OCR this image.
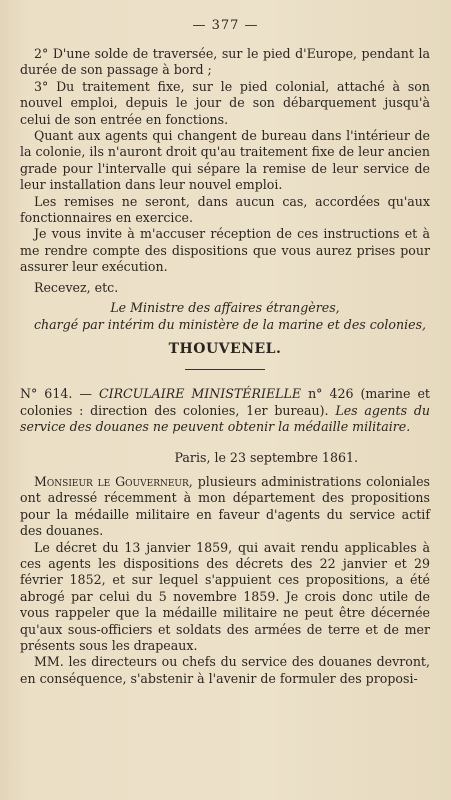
— 377 —

2° D'une solde de traversée, sur le pied d'Europe, pendant la durée de son passage à bord ;

3° Du traitement fixe, sur le pied colonial, attaché à son nouvel emploi, depuis le jour de son débarquement jusqu'à celui de son entrée en fonctions.

Quant aux agents qui changent de bureau dans l'intérieur de la colonie, ils n'auront droit qu'au traitement fixe de leur ancien grade pour l'intervalle qui sépare la remise de leur service de leur installation dans leur nouvel emploi.

Les remises ne seront, dans aucun cas, accordées qu'aux fonctionnaires en exercice.

Je vous invite à m'accuser réception de ces instructions et à me rendre compte des dispositions que vous aurez prises pour assurer leur exécution.

Recevez, etc.

Le Ministre des affaires étrangères,

chargé par intérim du ministère de la marine et des colonies,

THOUVENEL.

N° 614. — CIRCULAIRE MINISTÉRIELLE n° 426 (marine et colonies : direction des colonies, 1er bureau). Les agents du service des douanes ne peuvent obtenir la médaille militaire.

Paris, le 23 septembre 1861.

Monsieur le Gouverneur, plusieurs administrations coloniales ont adressé récemment à mon département des propositions pour la médaille militaire en faveur d'agents du service actif des douanes.

Le décret du 13 janvier 1859, qui avait rendu applicables à ces agents les dispositions des décrets des 22 janvier et 29 février 1852, et sur lequel s'appuient ces propositions, a été abrogé par celui du 5 novembre 1859. Je crois donc utile de vous rappeler que la médaille militaire ne peut être décernée qu'aux sous-officiers et soldats des armées de terre et de mer présents sous les drapeaux.

MM. les directeurs ou chefs du service des douanes devront, en conséquence, s'abstenir à l'avenir de formuler des proposi-
